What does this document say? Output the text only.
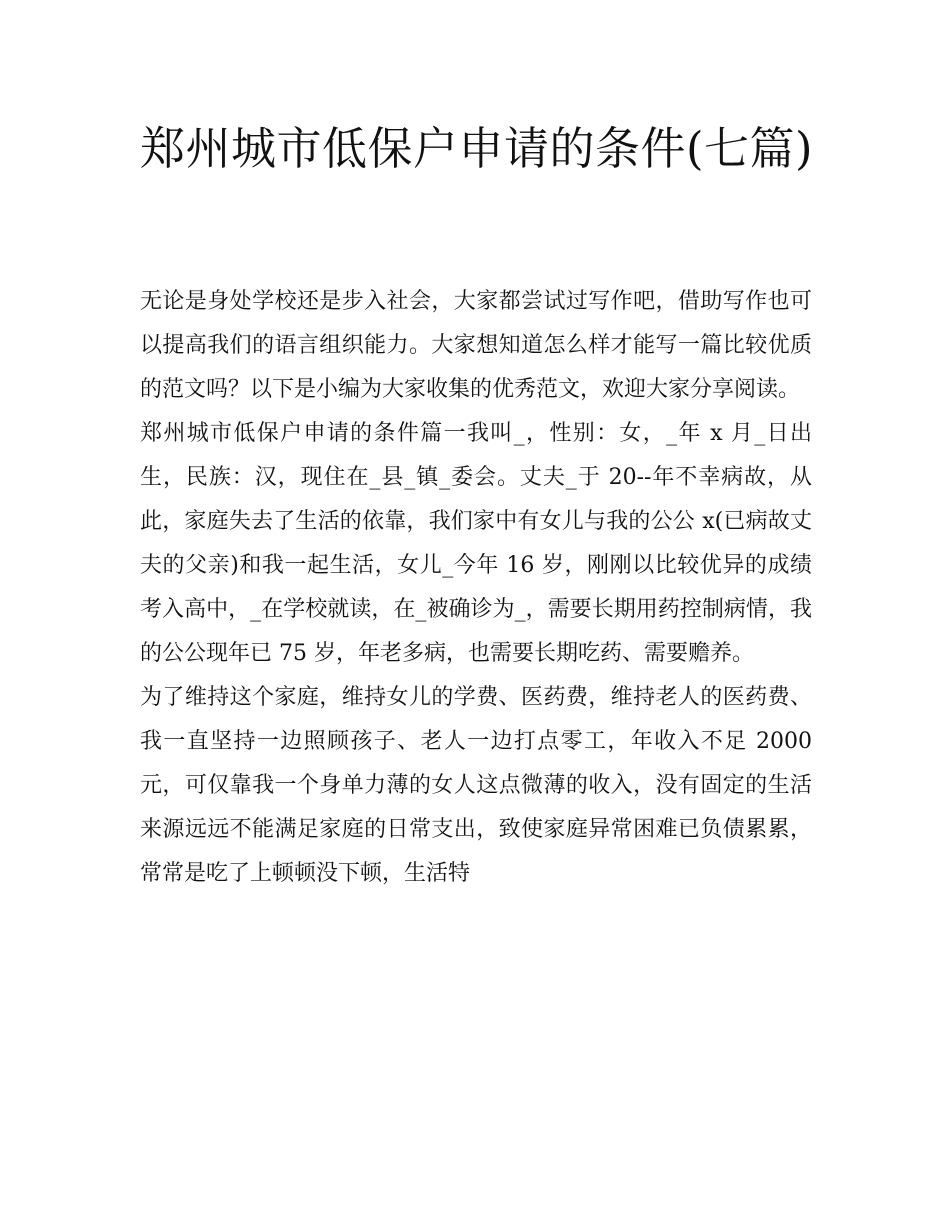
郑州城市低保户申请的条件(七篇)

无论是身处学校还是步入社会，大家都尝试过写作吧，借助写作也可以提高我们的语言组织能力。大家想知道怎么样才能写一篇比较优质的范文吗？以下是小编为大家收集的优秀范文，欢迎大家分享阅读。

郑州城市低保户申请的条件篇一我叫_，性别：女，_年 x 月_日出生，民族：汉，现住在_县_镇_委会。丈夫_于 20--年不幸病故，从此，家庭失去了生活的依靠，我们家中有女儿与我的公公 x(已病故丈夫的父亲)和我一起生活，女儿_今年 16 岁，刚刚以比较优异的成绩考入高中，_在学校就读，在_被确诊为_，需要长期用药控制病情，我的公公现年已 75 岁，年老多病，也需要长期吃药、需要赡养。

为了维持这个家庭，维持女儿的学费、医药费，维持老人的医药费、我一直坚持一边照顾孩子、老人一边打点零工，年收入不足 2000 元，可仅靠我一个身单力薄的女人这点微薄的收入，没有固定的生活来源远远不能满足家庭的日常支出，致使家庭异常困难已负债累累，常常是吃了上顿顿没下顿，生活特
